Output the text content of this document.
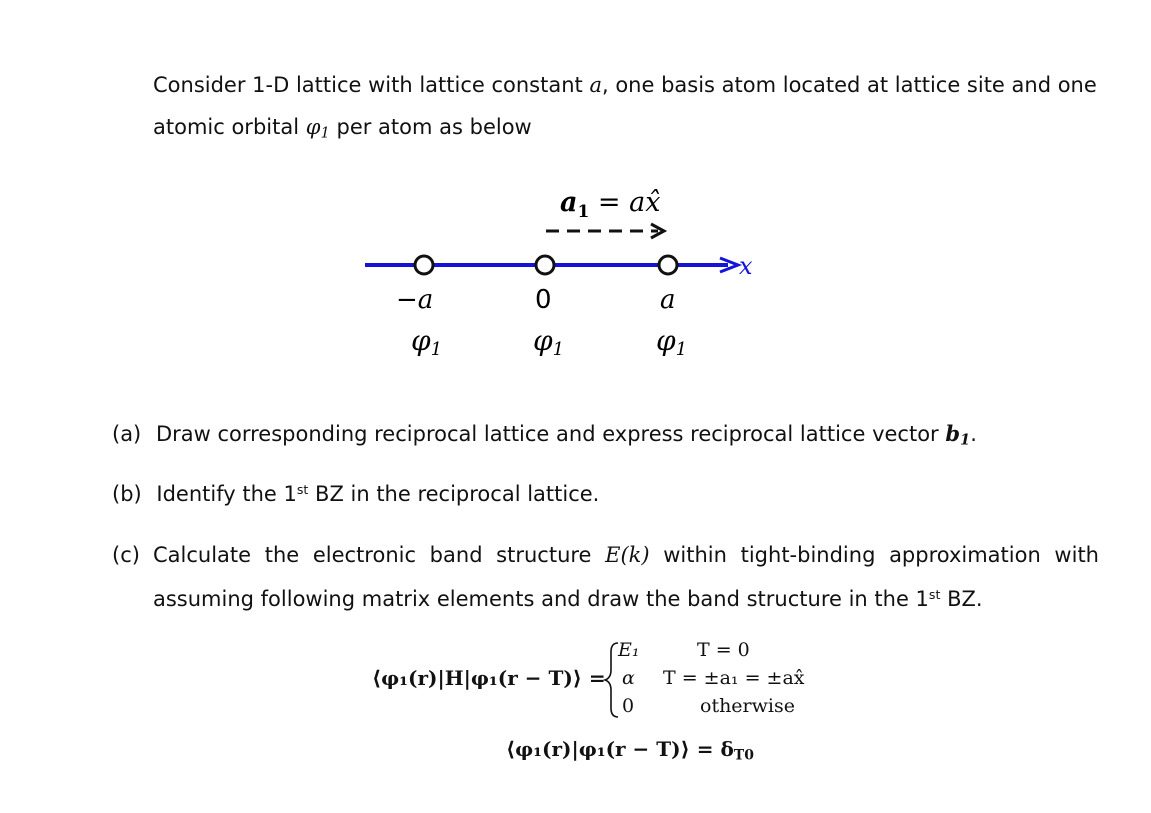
Consider 1-D lattice with lattice constant a, one basis atom located at lattice site and one
atomic orbital $\varphi_1$ per atom as below
$a_1$ = ax̂
x
−a	0	a
φ1	φ1	φ1
(a) Draw corresponding reciprocal lattice and express reciprocal lattice vector $b_1$.
(b) Identify the 1st BZ in the reciprocal lattice.
(c) Calculate the electronic band structure E(k) within tight-binding approximation with
assuming following matrix elements and draw the band structure in the 1st BZ.
⟨φ₁(r)|H|φ₁(r − T)⟩ =
E₁	T = 0
α T = ±a₁ = ±ax̂
0	otherwise
⟨φ₁(r)|φ₁(r − T)⟩ = $\delta_{T0}$
